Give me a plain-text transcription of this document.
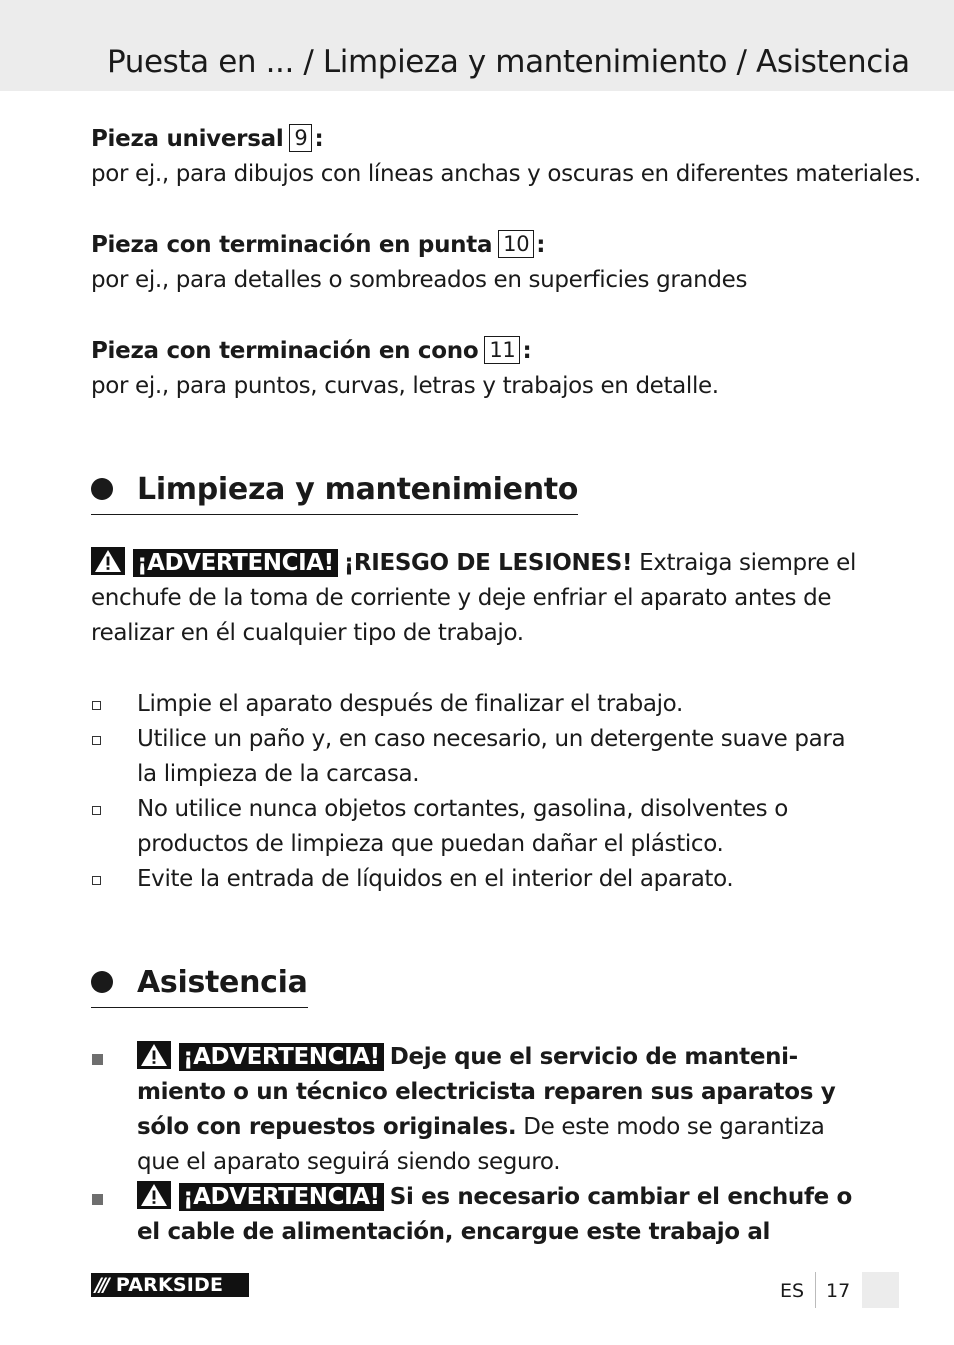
Puesta en ... / Limpieza y mantenimiento / Asistencia
Pieza universal 9 :
por ej., para dibujos con líneas anchas y oscuras en diferentes materiales.
Pieza con terminación en punta 10 :
por ej., para detalles o sombreados en superficies grandes
Pieza con terminación en cono 11 :
por ej., para puntos, curvas, letras y trabajos en detalle.
Limpieza y mantenimiento
¡ADVERTENCIA! ¡RIESGO DE LESIONES! Extraiga siempre el enchufe de la toma de corriente y deje enfriar el aparato antes de realizar en él cualquier tipo de trabajo.
Limpie el aparato después de finalizar el trabajo.
Utilice un paño y, en caso necesario, un detergente suave para la limpieza de la carcasa.
No utilice nunca objetos cortantes, gasolina, disolventes o productos de limpieza que puedan dañar el plástico.
Evite la entrada de líquidos en el interior del aparato.
Asistencia
¡ADVERTENCIA! Deje que el servicio de mantenimiento o un técnico electricista reparen sus aparatos y sólo con repuestos originales. De este modo se garantiza que el aparato seguirá siendo seguro.
¡ADVERTENCIA! Si es necesario cambiar el enchufe o el cable de alimentación, encargue este trabajo al
/// PARKSIDE	ES 17
